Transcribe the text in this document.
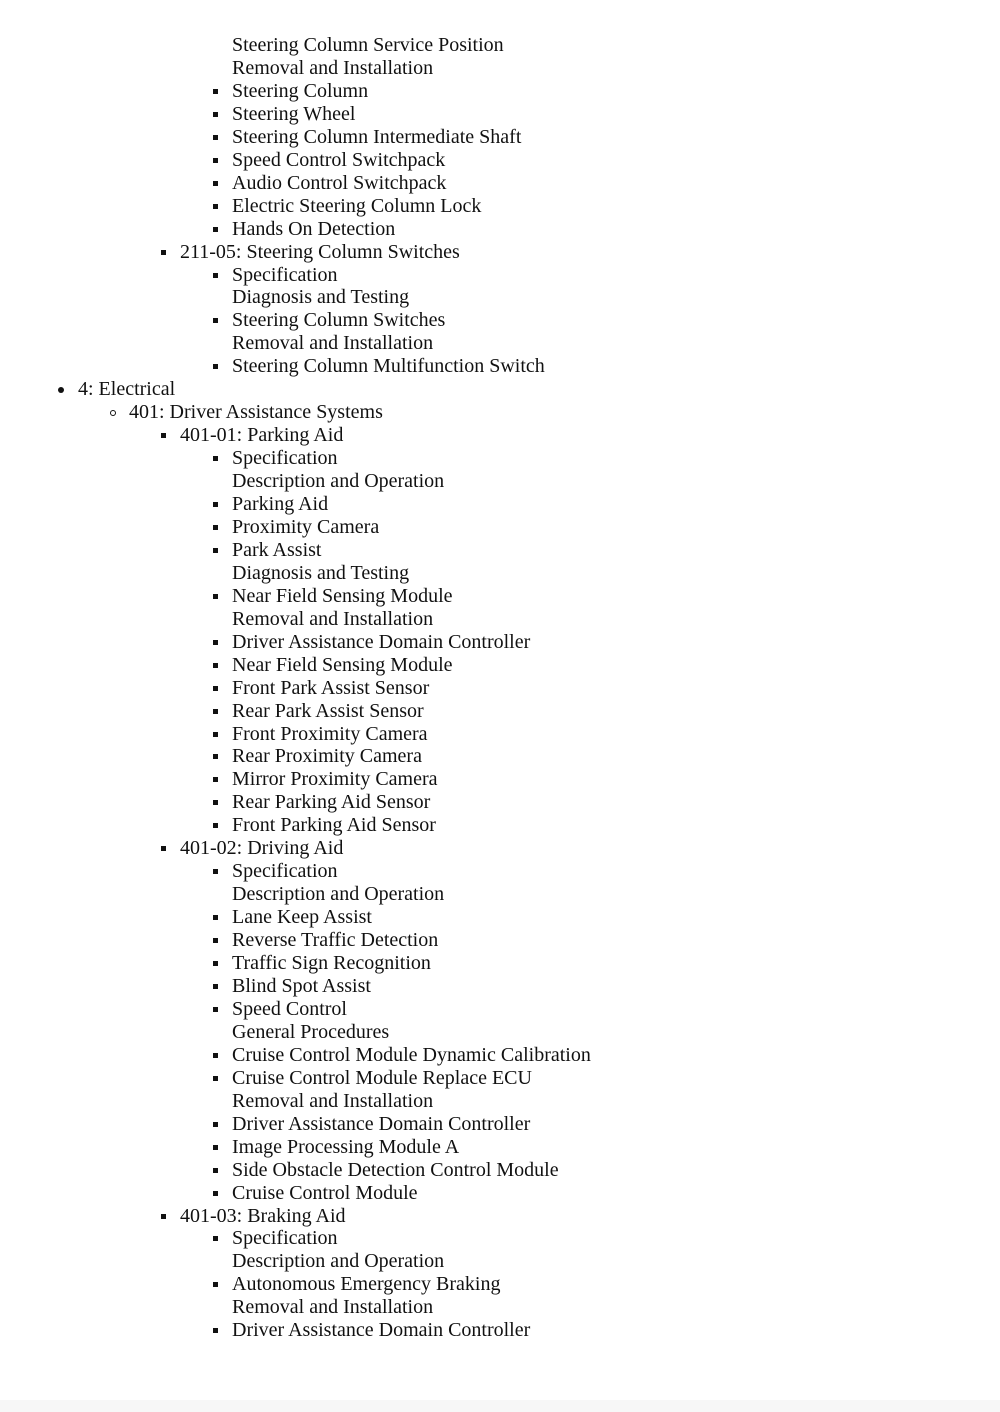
Steering Column Service Position
Removal and Installation
Steering Column
Steering Wheel
Steering Column Intermediate Shaft
Speed Control Switchpack
Audio Control Switchpack
Electric Steering Column Lock
Hands On Detection
211-05: Steering Column Switches
Specification
Diagnosis and Testing
Steering Column Switches
Removal and Installation
Steering Column Multifunction Switch
4: Electrical
401: Driver Assistance Systems
401-01: Parking Aid
Specification
Description and Operation
Parking Aid
Proximity Camera
Park Assist
Diagnosis and Testing
Near Field Sensing Module
Removal and Installation
Driver Assistance Domain Controller
Near Field Sensing Module
Front Park Assist Sensor
Rear Park Assist Sensor
Front Proximity Camera
Rear Proximity Camera
Mirror Proximity Camera
Rear Parking Aid Sensor
Front Parking Aid Sensor
401-02: Driving Aid
Specification
Description and Operation
Lane Keep Assist
Reverse Traffic Detection
Traffic Sign Recognition
Blind Spot Assist
Speed Control
General Procedures
Cruise Control Module Dynamic Calibration
Cruise Control Module Replace ECU
Removal and Installation
Driver Assistance Domain Controller
Image Processing Module A
Side Obstacle Detection Control Module
Cruise Control Module
401-03: Braking Aid
Specification
Description and Operation
Autonomous Emergency Braking
Removal and Installation
Driver Assistance Domain Controller
